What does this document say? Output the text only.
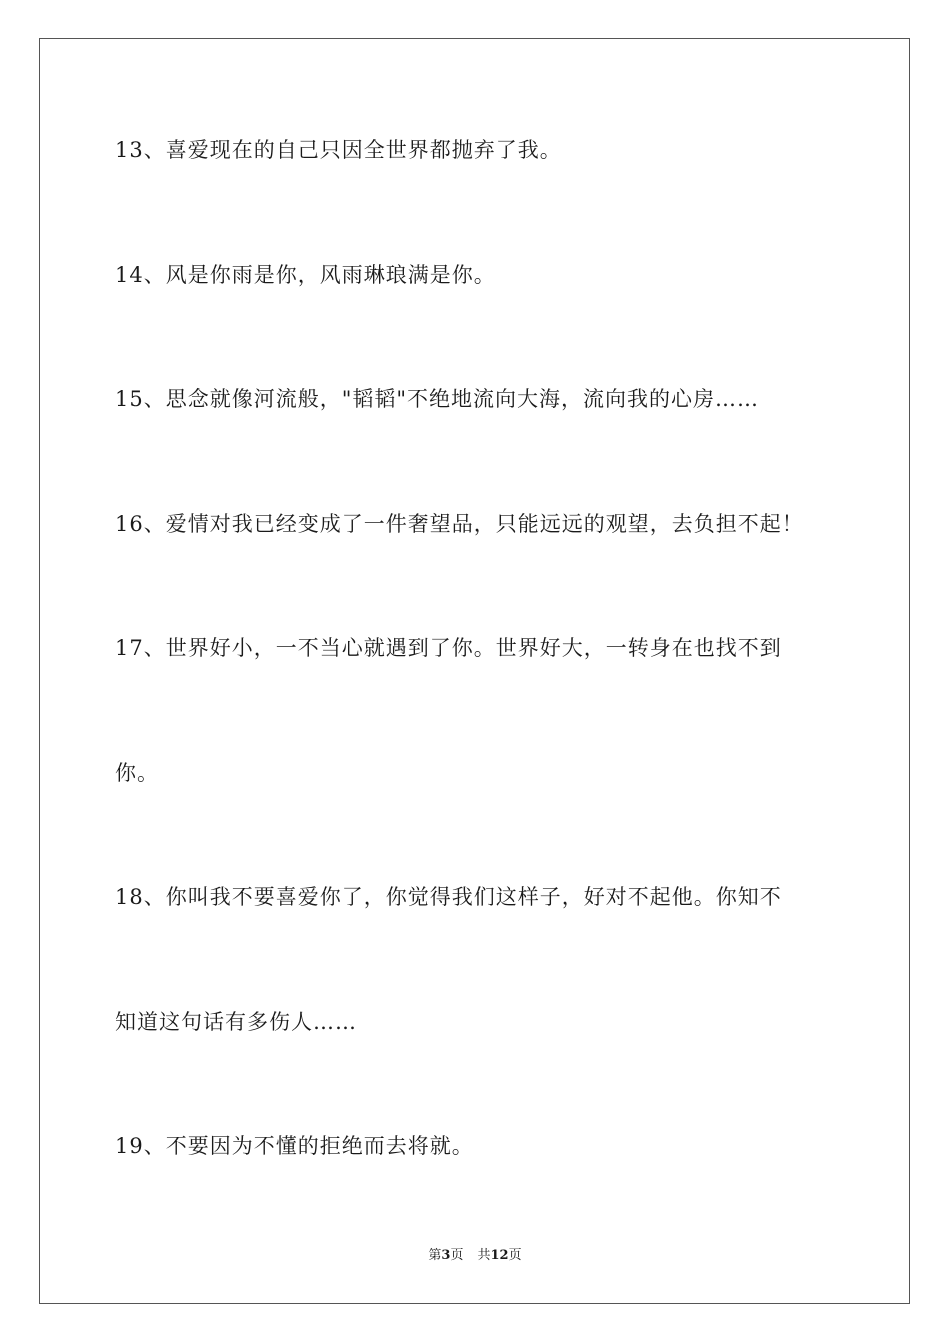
13、喜爱现在的自己只因全世界都抛弃了我。
14、风是你雨是你，风雨琳琅满是你。
15、思念就像河流般，"韬韬"不绝地流向大海，流向我的心房……
16、爱情对我已经变成了一件奢望品，只能远远的观望，去负担不起！
17、世界好小，一不当心就遇到了你。世界好大，一转身在也找不到
你。
18、你叫我不要喜爱你了，你觉得我们这样子，好对不起他。你知不
知道这句话有多伤人……
19、不要因为不懂的拒绝而去将就。
第3页 共12页
